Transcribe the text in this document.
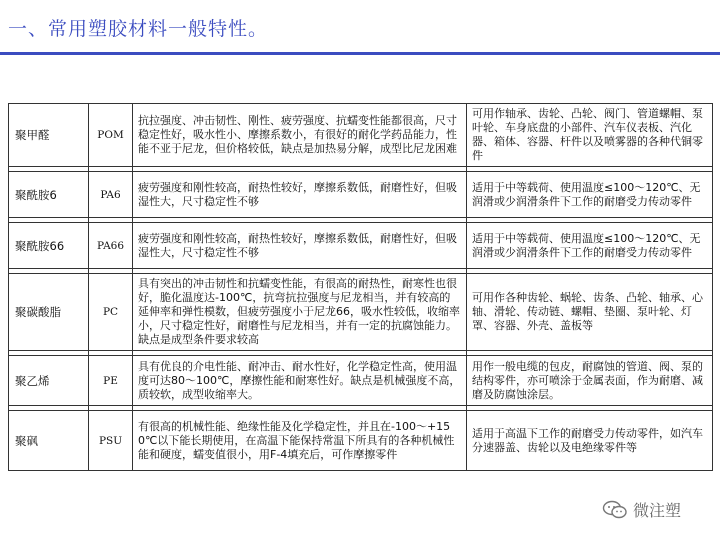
一、常用塑胶材料一般特性。
聚甲醛	POM	抗拉强度、冲击韧性、刚性、疲劳强度、抗蠕变性能都很高，尺寸稳定性好，吸水性小、摩擦系数小，有很好的耐化学药品能力，性能不亚于尼龙，但价格较低，缺点是加热易分解，成型比尼龙困难	可用作轴承、齿轮、凸轮、阀门、管道螺帽、泵叶轮、车身底盘的小部件、汽车仪表板、汽化器、箱体、容器、杆件以及喷雾器的各种代铜零件

聚酰胺6	PA6	疲劳强度和刚性较高，耐热性较好，摩擦系数低，耐磨性好，但吸湿性大，尺寸稳定性不够	适用于中等载荷、使用温度≤100～120℃、无润滑或少润滑条件下工作的耐磨受力传动零件

聚酰胺66	PA66	疲劳强度和刚性较高，耐热性较好，摩擦系数低，耐磨性好，但吸湿性大，尺寸稳定性不够	适用于中等载荷、使用温度≤100～120℃、无润滑或少润滑条件下工作的耐磨受力传动零件

聚碳酸脂	PC	具有突出的冲击韧性和抗蠕变性能，有很高的耐热性，耐寒性也很好，脆化温度达-100℃，抗弯抗拉强度与尼龙相当，并有较高的延伸率和弹性模数，但疲劳强度小于尼龙66，吸水性较低，收缩率小，尺寸稳定性好，耐磨性与尼龙相当，并有一定的抗腐蚀能力。缺点是成型条件要求较高	可用作各种齿轮、蜗轮、齿条、凸轮、轴承、心轴、滑轮、传动链、螺帽、垫圈、泵叶轮、灯罩、容器、外壳、盖板等

聚乙烯	PE	具有优良的介电性能、耐冲击、耐水性好，化学稳定性高，使用温度可达80～100℃，摩擦性能和耐寒性好。缺点是机械强度不高，质较软，成型收缩率大。	用作一般电缆的包皮，耐腐蚀的管道、阀、泵的结构零件，亦可喷涂于金属表面，作为耐磨、减磨及防腐蚀涂层。

聚砜	PSU	有很高的机械性能、绝缘性能及化学稳定性，并且在-100～+150℃以下能长期使用，在高温下能保持常温下所具有的各种机械性能和硬度，蠕变值很小，用F-4填充后，可作摩擦零件	适用于高温下工作的耐磨受力传动零件，如汽车分速器盖、齿轮以及电绝缘零件等
微注塑
